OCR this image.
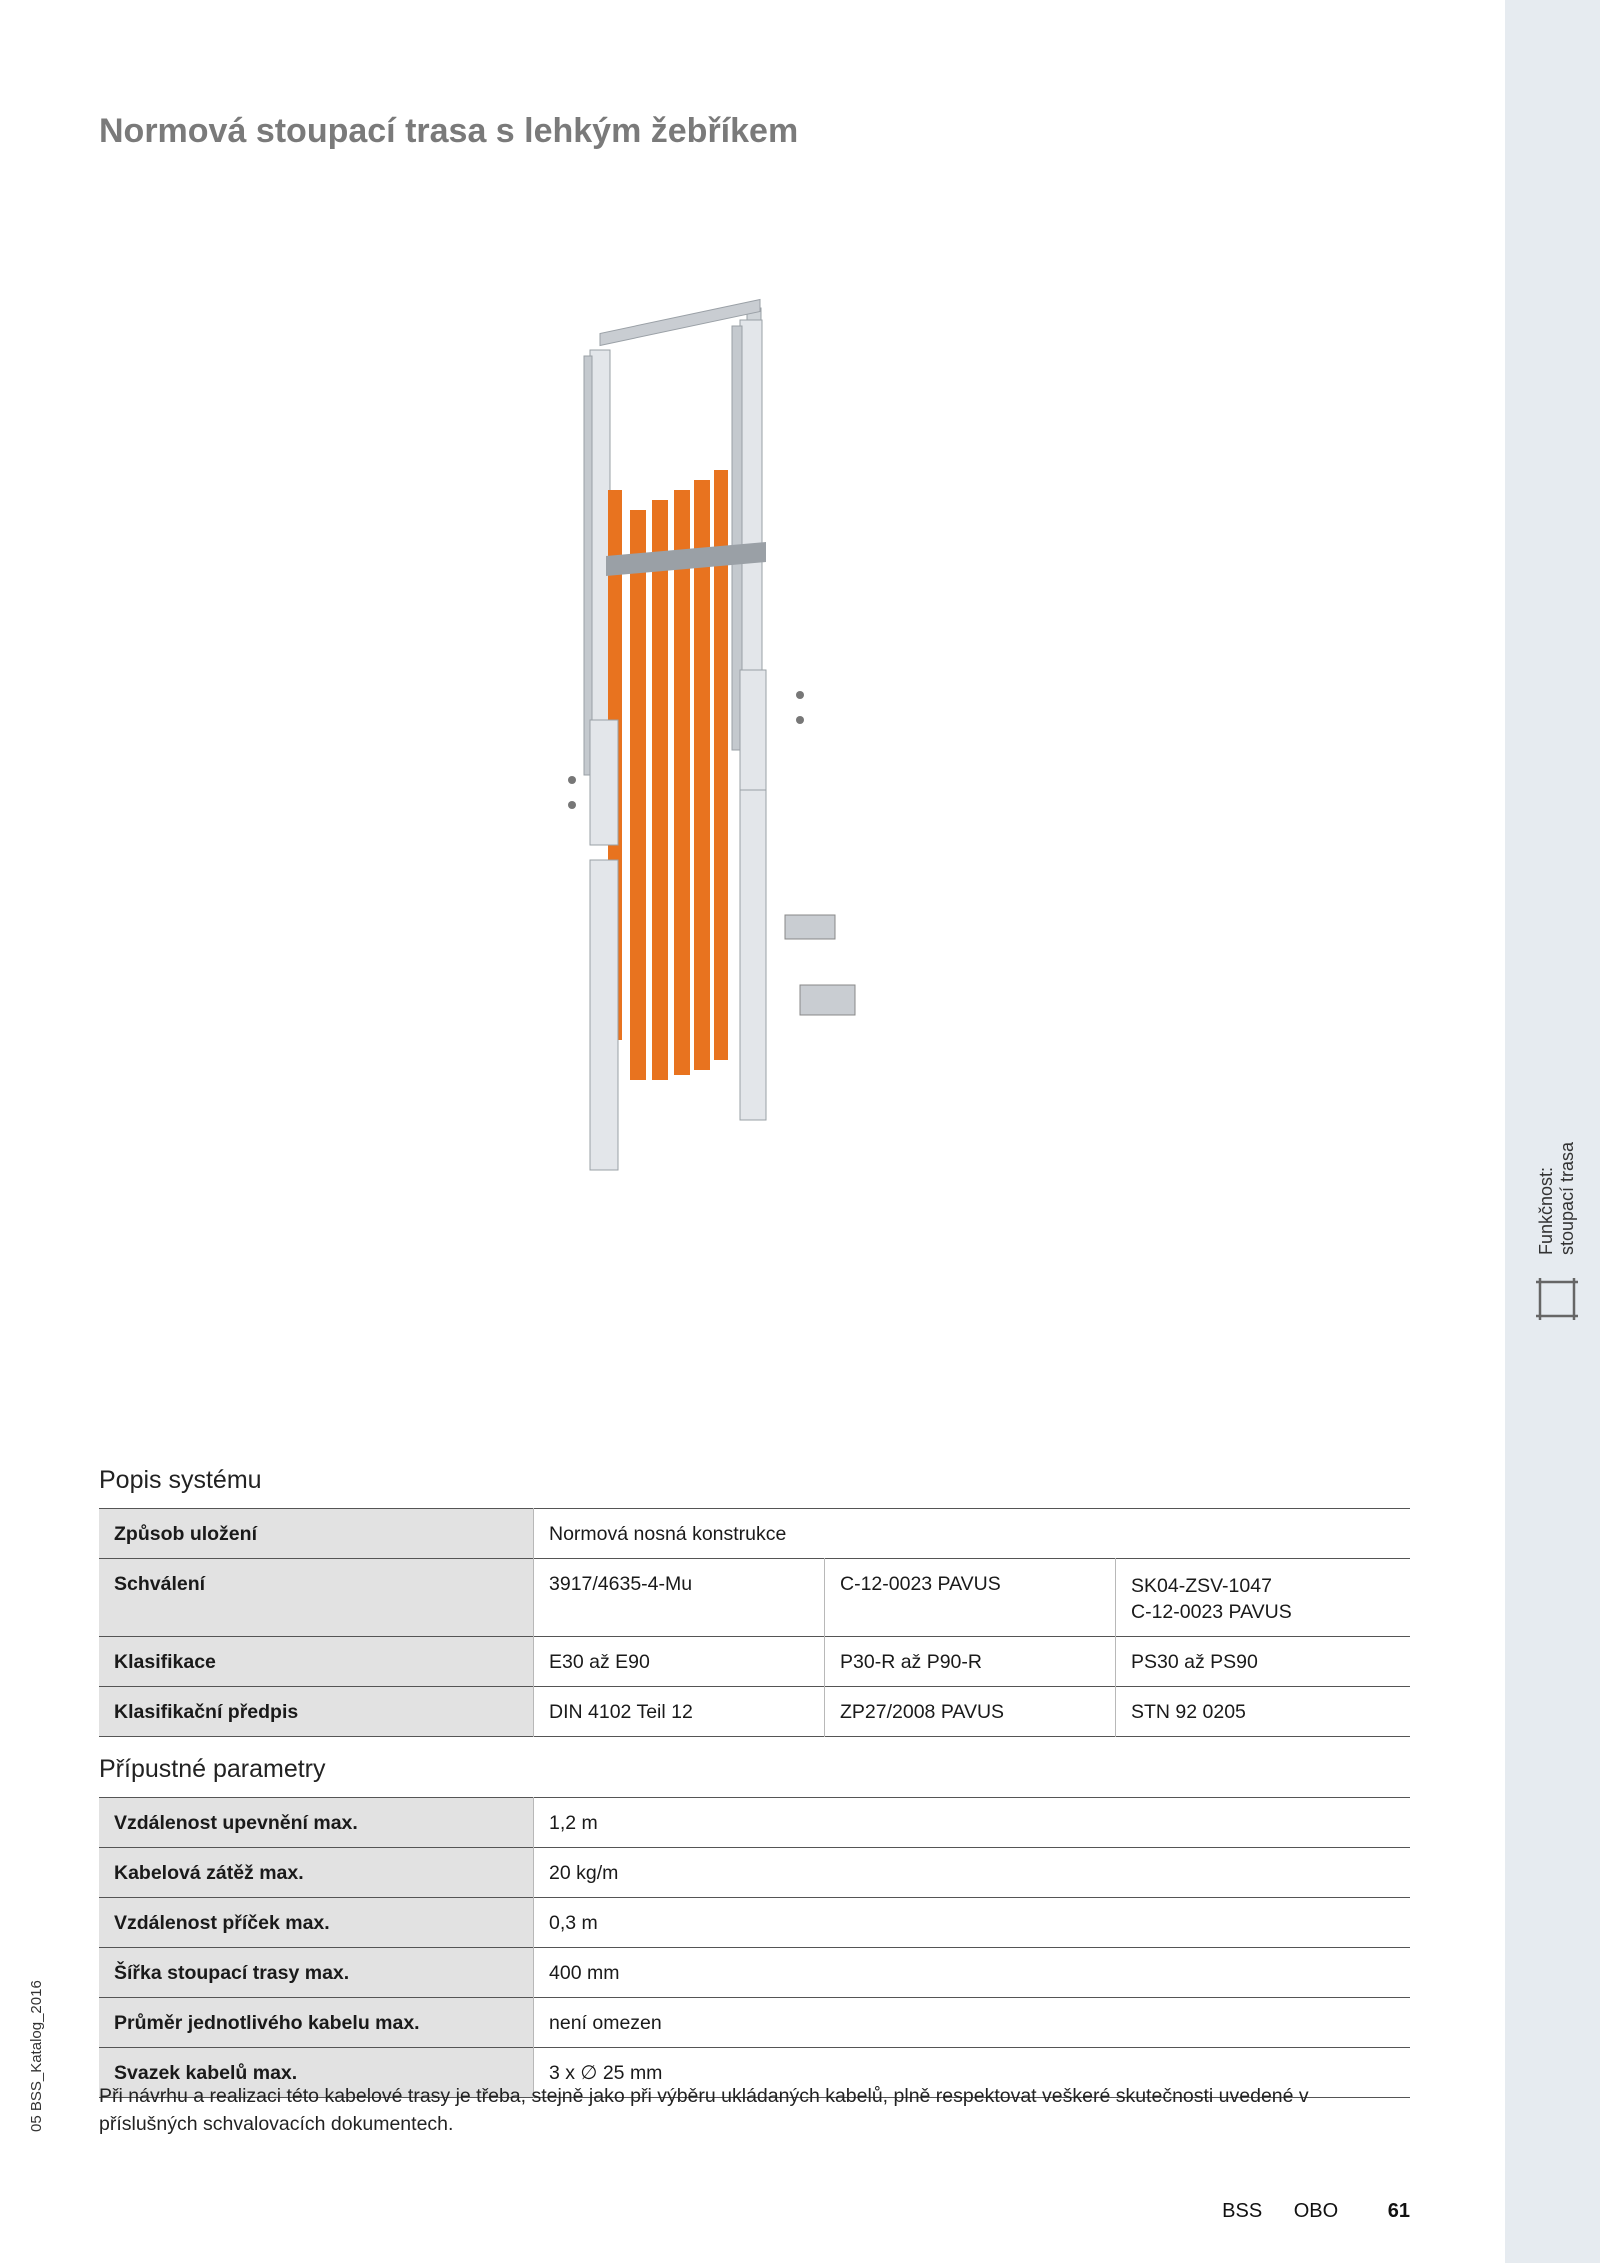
Funkčnost: stoupací trasa
Normová stoupací trasa s lehkým žebříkem
Popis systému
Způsob uložení	Normová nosná konstrukce		
Schválení	3917/4635-4-Mu	C-12-0023 PAVUS	SK04-ZSV-1047
C-12-0023 PAVUS

Klasifikace	E30 až E90	P30-R až P90-R	PS30 až PS90
Klasifikační předpis	DIN 4102 Teil 12	ZP27/2008 PAVUS	STN 92 0205
Přípustné parametry
Vzdálenost upevnění max.	1,2 m
Kabelová zátěž max.	20 kg/m
Vzdálenost příček max.	0,3 m
Šířka stoupací trasy max.	400 mm
Průměr jednotlivého kabelu max.	není omezen
Svazek kabelů max.	3 x ∅ 25 mm

Při návrhu a realizaci této kabelové trasy je třeba, stejně jako při výběru ukládaných kabelů, plně respektovat veškeré skutečnosti uvedené v příslušných schvalovacích dokumentech.

05 BSS_Katalog_2016
BSS OBO 61
